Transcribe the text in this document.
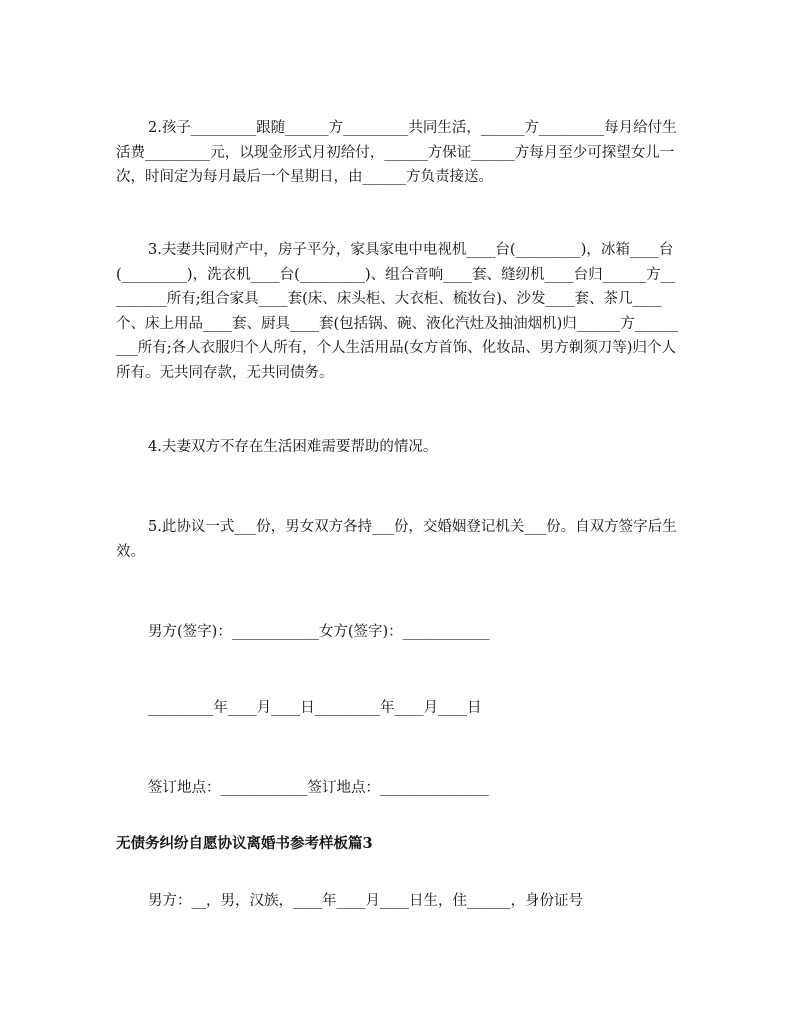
2.孩子_________跟随______方_________共同生活，______方_________每月给付生活费_________元，以现金形式月初给付，______方保证______方每月至少可探望女儿一次，时间定为每月最后一个星期日，由______方负责接送。

3.夫妻共同财产中，房子平分，家具家电中电视机____台(_________)，冰箱____台(_________)，洗衣机____台(_________)、组合音响____套、缝纫机____台归______方_________所有;组合家具____套(床、床头柜、大衣柜、梳妆台)、沙发____套、茶几____个、床上用品____套、厨具____套(包括锅、碗、液化汽灶及抽油烟机)归______方_________所有;各人衣服归个人所有，个人生活用品(女方首饰、化妆品、男方剃须刀等)归个人所有。无共同存款，无共同债务。

4.夫妻双方不存在生活困难需要帮助的情况。

5.此协议一式___份，男女双方各持___份，交婚姻登记机关___份。自双方签字后生效。

男方(签字)：____________女方(签字)：____________

_________年____月____日_________年____月____日

签订地点：____________签订地点：_______________

无债务纠纷自愿协议离婚书参考样板篇3

男方：__，男，汉族，____年____月____日生，住______，身份证号
